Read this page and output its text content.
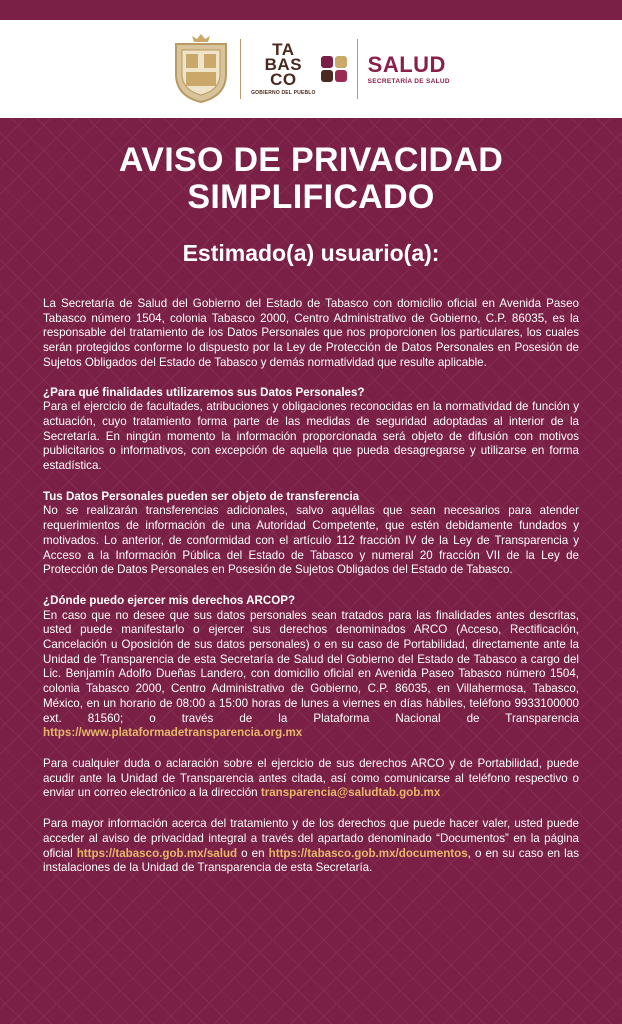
TA
BAS
CO
GOBIERNO DEL PUEBLO
SALUD
SECRETARÍA DE SALUD
AVISO DE PRIVACIDAD SIMPLIFICADO
Estimado(a) usuario(a):

La Secretaría de Salud del Gobierno del Estado de Tabasco con domicilio oficial en Avenida Paseo Tabasco número 1504, colonia Tabasco 2000, Centro Administrativo de Gobierno, C.P. 86035, es la responsable del tratamiento de los Datos Personales que nos proporcionen los particulares, los cuales serán protegidos conforme lo dispuesto por la Ley de Protección de Datos Personales en Posesión de Sujetos Obligados del Estado de Tabasco y demás normatividad que resulte aplicable.

¿Para qué finalidades utilizaremos sus Datos Personales?

Para el ejercicio de facultades, atribuciones y obligaciones reconocidas en la normatividad de función y actuación, cuyo tratamiento forma parte de las medidas de seguridad adoptadas al interior de la Secretaría. En ningún momento la información proporcionada será objeto de difusión con motivos publicitarios o informativos, con excepción de aquella que pueda desagregarse y utilizarse en forma estadística.

Tus Datos Personales pueden ser objeto de transferencia

No se realizarán transferencias adicionales, salvo aquéllas que sean necesarios para atender requerimientos de información de una Autoridad Competente, que estén debidamente fundados y motivados. Lo anterior, de conformidad con el artículo 112 fracción IV de la Ley de Transparencia y Acceso a la Información Pública del Estado de Tabasco y numeral 20 fracción VII de la Ley de Protección de Datos Personales en Posesión de Sujetos Obligados del Estado de Tabasco.

¿Dónde puedo ejercer mis derechos ARCOP?

En caso que no desee que sus datos personales sean tratados para las finalidades antes descritas, usted puede manifestarlo o ejercer sus derechos denominados ARCO (Acceso, Rectificación, Cancelación u Oposición de sus datos personales) o en su caso de Portabilidad, directamente ante la Unidad de Transparencia de esta Secretaría de Salud del Gobierno del Estado de Tabasco a cargo del Lic. Benjamín Adolfo Dueñas Landero, con domicilio oficial en Avenida Paseo Tabasco número 1504, colonia Tabasco 2000, Centro Administrativo de Gobierno, C.P. 86035, en Villahermosa, Tabasco, México, en un horario de 08:00 a 15:00 horas de lunes a viernes en días hábiles, teléfono 9933100000 ext. 81560; o través de la Plataforma Nacional de Transparencia https://www.plataformadetransparencia.org.mx

Para cualquier duda o aclaración sobre el ejercicio de sus derechos ARCO y de Portabilidad, puede acudir ante la Unidad de Transparencia antes citada, así como comunicarse al teléfono respectivo o enviar un correo electrónico a la dirección transparencia@saludtab.gob.mx

Para mayor información acerca del tratamiento y de los derechos que puede hacer valer, usted puede acceder al aviso de privacidad integral a través del apartado denominado “Documentos” en la página oficial https://tabasco.gob.mx/salud o en https://tabasco.gob.mx/documentos, o en su caso en las instalaciones de la Unidad de Transparencia de esta Secretaría.
